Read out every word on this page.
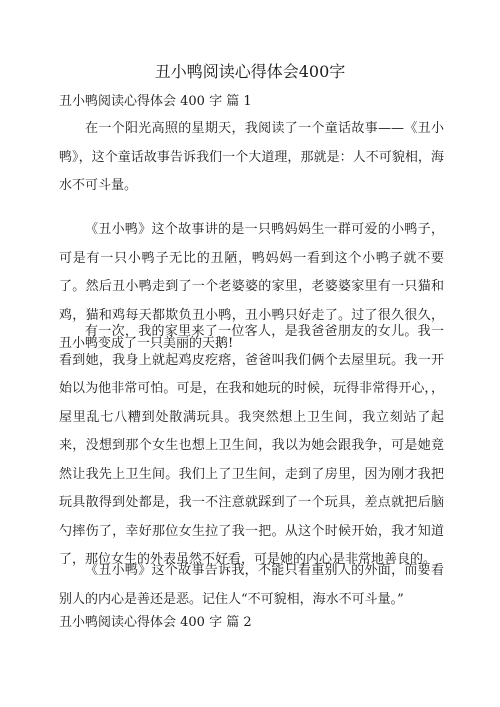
丑小鸭阅读心得体会400字
丑小鸭阅读心得体会 400 字 篇 1

在一个阳光高照的星期天，我阅读了一个童话故事——《丑小鸭》，这个童话故事告诉我们一个大道理，那就是：人不可貌相，海水不可斗量。

《丑小鸭》这个故事讲的是一只鸭妈妈生一群可爱的小鸭子，可是有一只小鸭子无比的丑陋，鸭妈妈一看到这个小鸭子就不要了。然后丑小鸭走到了一个老婆婆的家里，老婆婆家里有一只猫和鸡，猫和鸡每天都欺负丑小鸭，丑小鸭只好走了。过了很久很久，丑小鸭变成了一只美丽的天鹅!

有一次，我的家里来了一位客人，是我爸爸朋友的女儿。我一看到她，我身上就起鸡皮疙瘩，爸爸叫我们俩个去屋里玩。我一开始以为他非常可怕。可是，在我和她玩的时候，玩得非常得开心，，屋里乱七八糟到处散满玩具。我突然想上卫生间，我立刻站了起来，没想到那个女生也想上卫生间，我以为她会跟我争，可是她竟然让我先上卫生间。我们上了卫生间，走到了房里，因为刚才我把玩具散得到处都是，我一不注意就踩到了一个玩具，差点就把后脑勺摔伤了，幸好那位女生拉了我一把。从这个时候开始，我才知道了，那位女生的外表虽然不好看，可是她的内心是非常地善良的。

《丑小鸭》这个故事告诉我，不能只看重别人的外面，而要看别人的内心是善还是恶。记住人“不可貌相，海水不可斗量。”

丑小鸭阅读心得体会 400 字 篇 2
